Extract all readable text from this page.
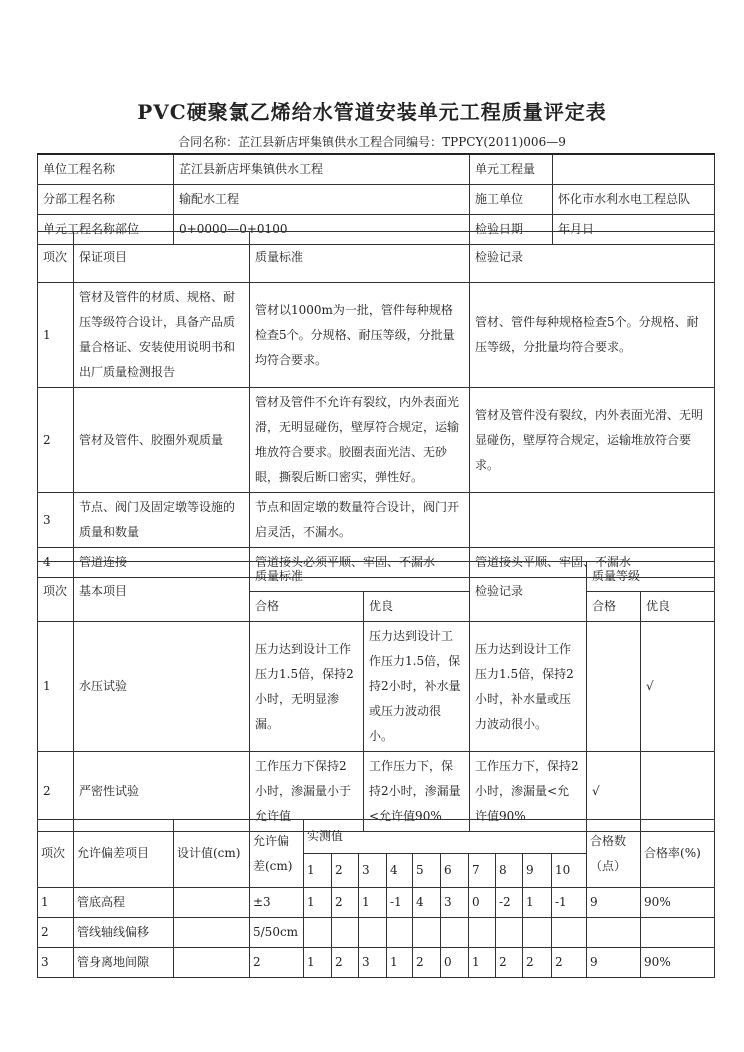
PVC硬聚氯乙烯给水管道安装单元工程质量评定表
合同名称：芷江县新店坪集镇供水工程合同编号：TPPCY(2011)006—9
单位工程名称	芷江县新店坪集镇供水工程	单元工程量	
分部工程名称	输配水工程	施工单位	怀化市水利水电工程总队
单元工程名称部位	0+0000—0+0100	检验日期	年月日
项次	保证项目	质量标准	检验记录
1	管材及管件的材质、规格、耐压等级符合设计，具备产品质量合格证、安装使用说明书和出厂质量检测报告	管材以1000m为一批，管件每种规格检查5个。分规格、耐压等级，分批量均符合要求。	管材、管件每种规格检查5个。分规格、耐压等级，分批量均符合要求。
2	管材及管件、胶圈外观质量	管材及管件不允许有裂纹，内外表面光滑，无明显碰伤，壁厚符合规定，运输堆放符合要求。胶圈表面光洁、无砂眼，撕裂后断口密实，弹性好。	管材及管件没有裂纹，内外表面光滑、无明显碰伤，壁厚符合规定，运输堆放符合要求。
3	节点、阀门及固定墩等设施的质量和数量	节点和固定墩的数量符合设计，阀门开启灵活，不漏水。	
4	管道连接	管道接头必须平顺、牢固、不漏水	管道接头平顺、牢固、不漏水
项次	基本项目	质量标准		检验记录	质量等级	
		合格	优良		合格	优良
1	水压试验	压力达到设计工作压力1.5倍，保持2小时，无明显渗漏。	压力达到设计工作压力1.5倍，保持2小时，补水量或压力波动很小。	压力达到设计工作压力1.5倍，保持2小时，补水量或压力波动很小。		√
2	严密性试验	工作压力下保持2小时，渗漏量小于允许值	工作压力下，保持2小时，渗漏量<允许值90%	工作压力下，保持2小时，渗漏量<允许值90%	√	
项次	允许偏差项目	设计值(cm)	允许偏差(cm)	实测值										合格数（点）	合格率(%)
				1	2	3	4	5	6	7	8	9	10		
1	管底高程		±3	1	2	1	-1	4	3	0	-2	1	-1	9	90%
2	管线轴线偏移		5/50cm												
3	管身离地间隙		2	1	2	3	1	2	0	1	2	2	2	9	90%
